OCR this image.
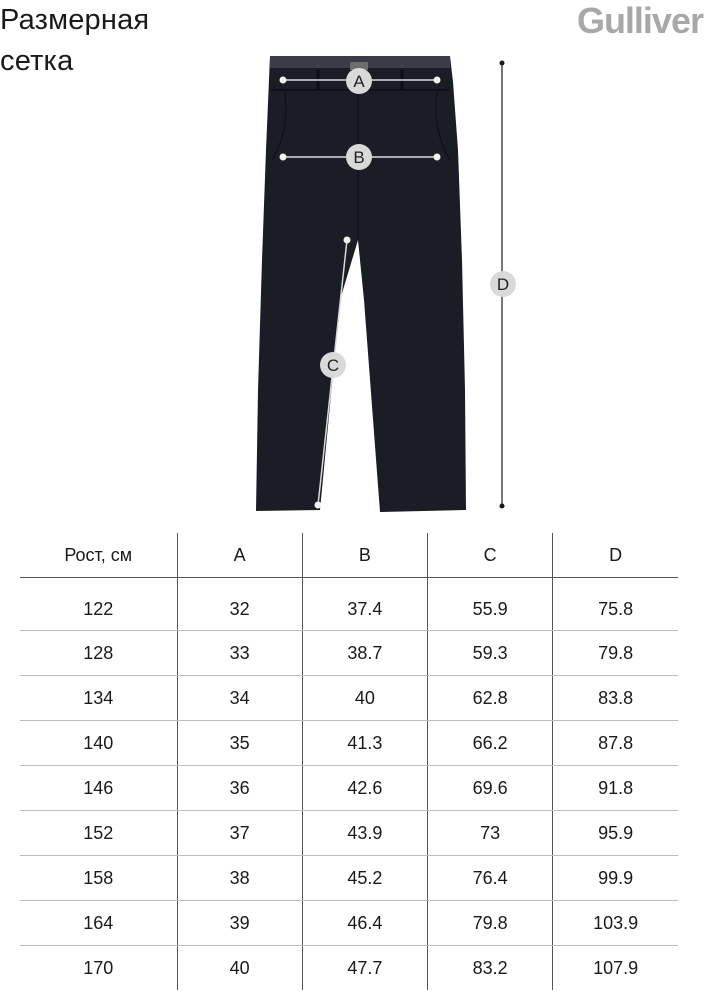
Размерная
сетка
Gulliver
A
B
C
D
Рост, см	A	B	C	D
122	32	37.4	55.9	75.8
128	33	38.7	59.3	79.8
134	34	40	62.8	83.8
140	35	41.3	66.2	87.8
146	36	42.6	69.6	91.8
152	37	43.9	73	95.9
158	38	45.2	76.4	99.9
164	39	46.4	79.8	103.9
170	40	47.7	83.2	107.9
